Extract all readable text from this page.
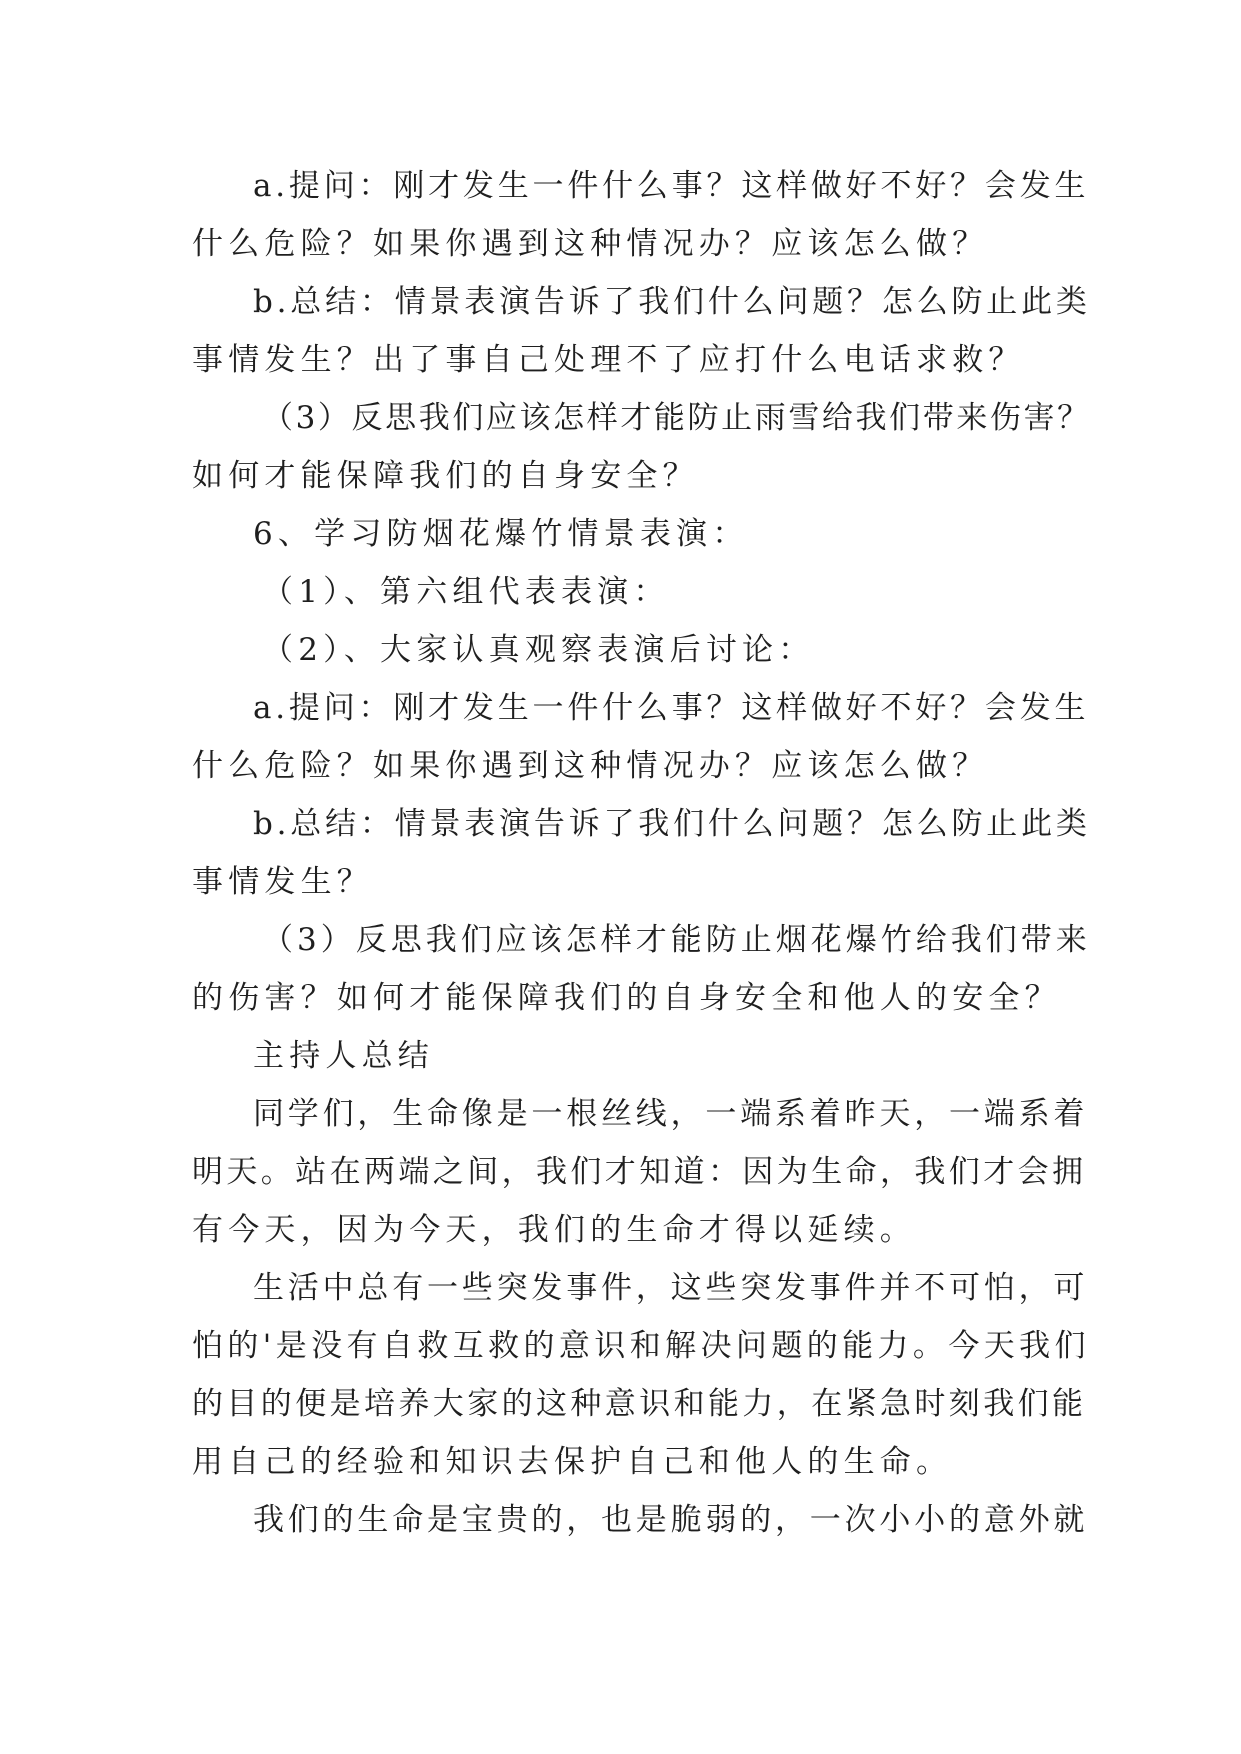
a.提问：刚才发生一件什么事？这样做好不好？会发生
什么危险？如果你遇到这种情况办？应该怎么做？
b.总结：情景表演告诉了我们什么问题？怎么防止此类
事情发生？出了事自己处理不了应打什么电话求救？
（3）反思我们应该怎样才能防止雨雪给我们带来伤害？
如何才能保障我们的自身安全？
6、学习防烟花爆竹情景表演：
（1）、第六组代表表演：
（2）、大家认真观察表演后讨论：
a.提问：刚才发生一件什么事？这样做好不好？会发生
什么危险？如果你遇到这种情况办？应该怎么做？
b.总结：情景表演告诉了我们什么问题？怎么防止此类
事情发生？
（3）反思我们应该怎样才能防止烟花爆竹给我们带来
的伤害？如何才能保障我们的自身安全和他人的安全？
主持人总结
同学们，生命像是一根丝线，一端系着昨天，一端系着
明天。站在两端之间，我们才知道：因为生命，我们才会拥
有今天，因为今天，我们的生命才得以延续。
生活中总有一些突发事件，这些突发事件并不可怕，可
怕的'是没有自救互救的意识和解决问题的能力。今天我们
的目的便是培养大家的这种意识和能力，在紧急时刻我们能
用自己的经验和知识去保护自己和他人的生命。
我们的生命是宝贵的，也是脆弱的，一次小小的意外就
